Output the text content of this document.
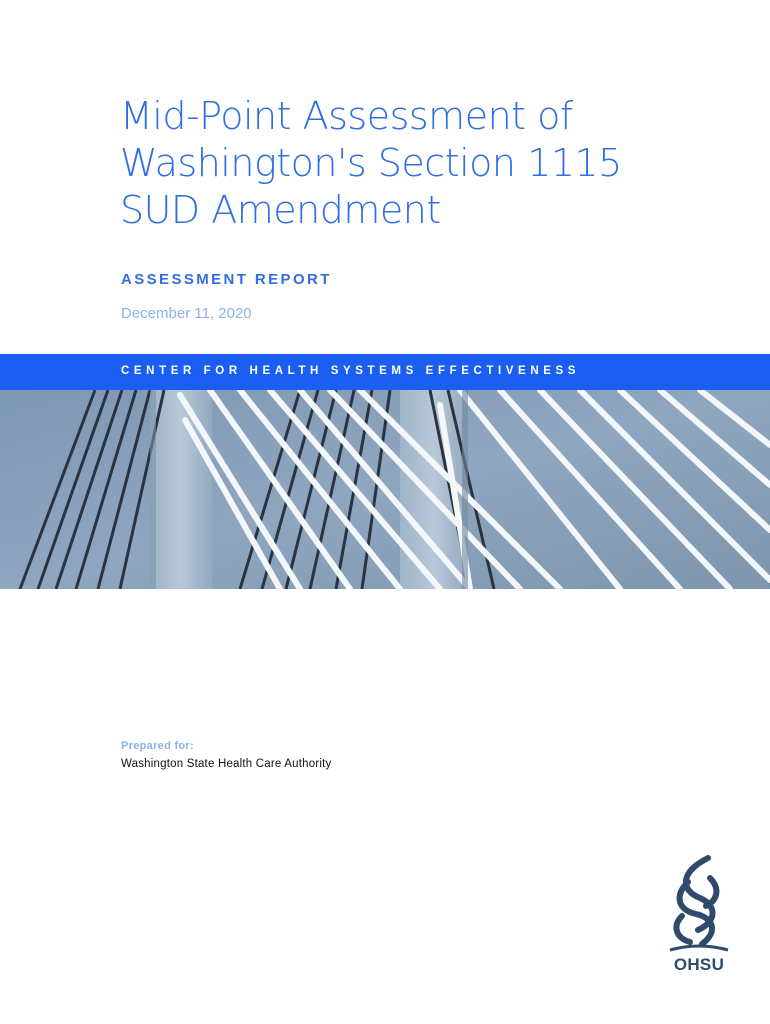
Mid-Point Assessment of
Washington's Section 1115
SUD Amendment

ASSESSMENT REPORT

December 11, 2020

CENTER FOR HEALTH SYSTEMS EFFECTIVENESS

Prepared for:

Washington State Health Care Authority

OHSU
